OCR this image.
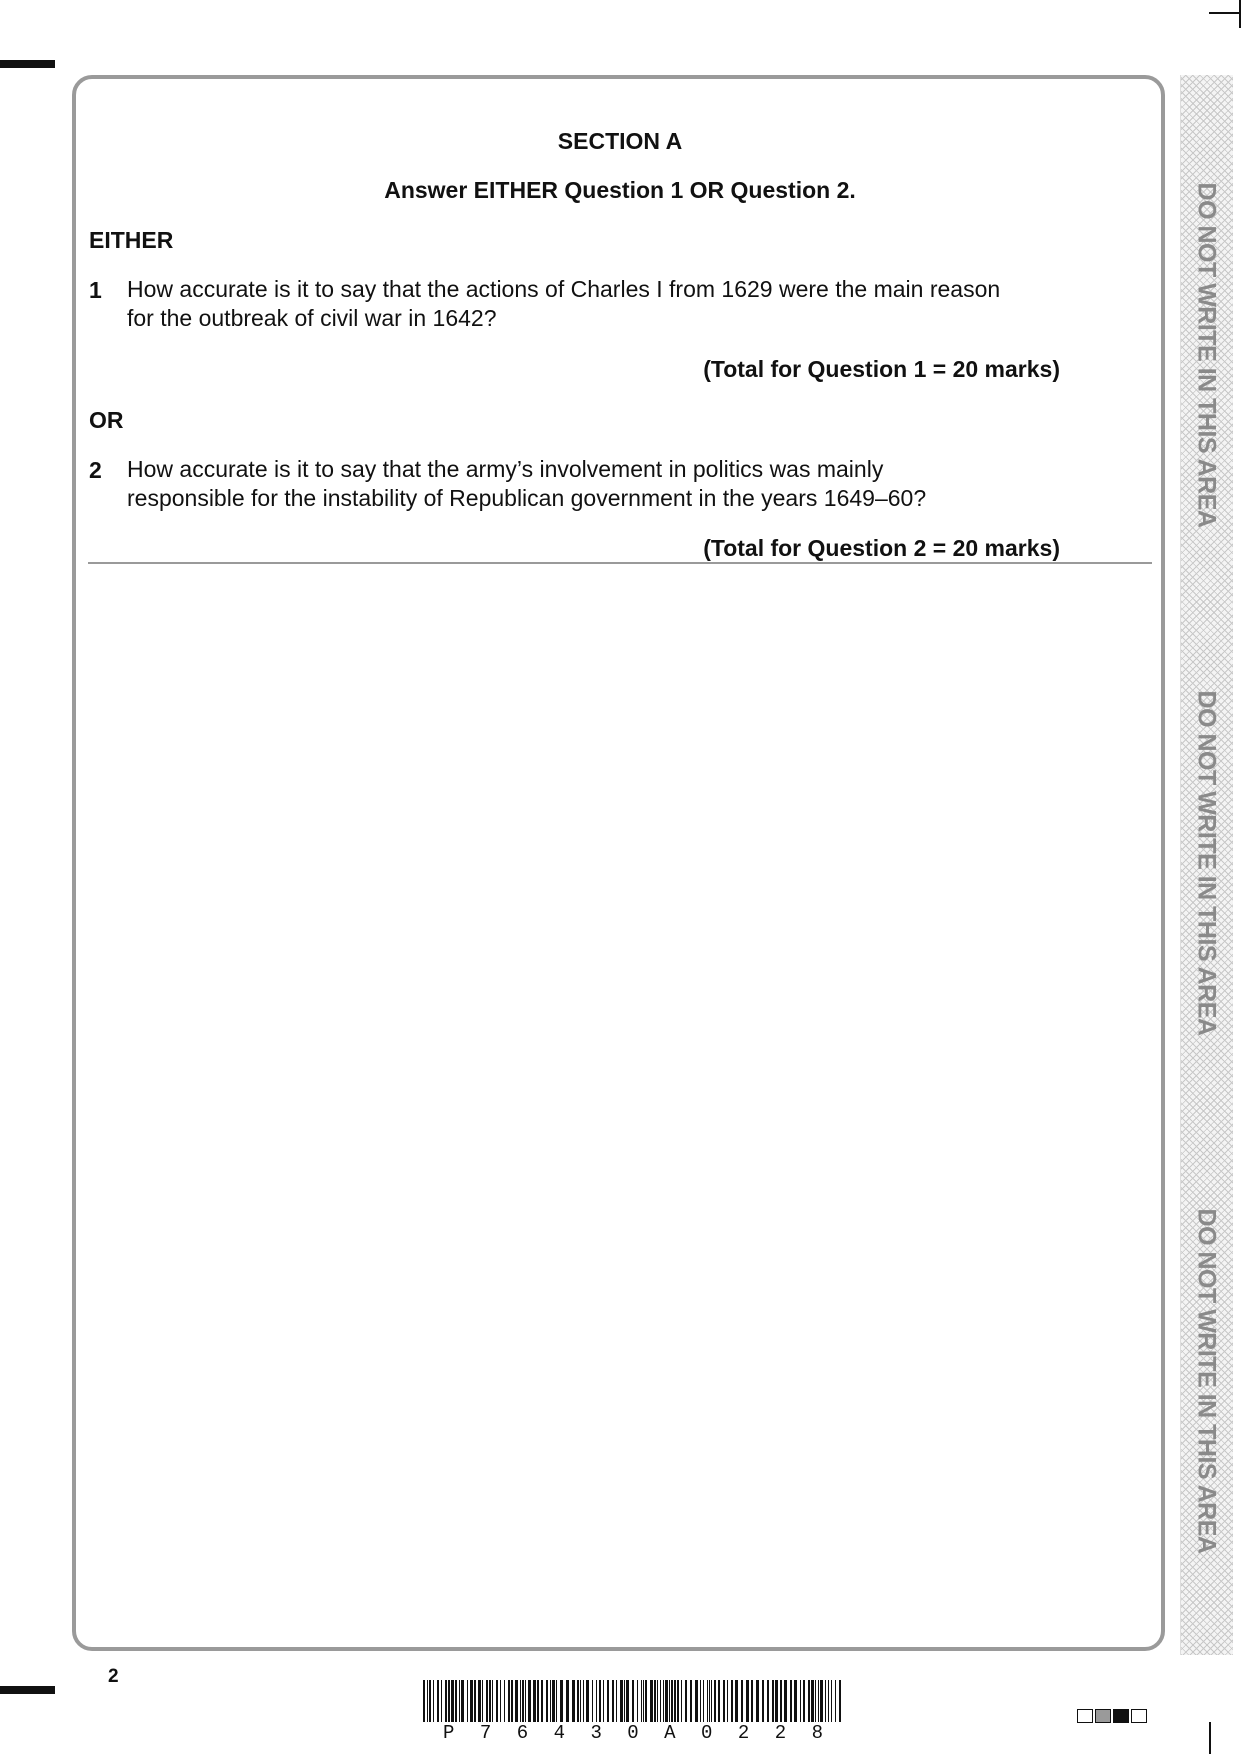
SECTION A
Answer EITHER Question 1 OR Question 2.
EITHER
1 How accurate is it to say that the actions of Charles I from 1629 were the main reason
for the outbreak of civil war in 1642?
(Total for Question 1 = 20 marks)
OR
2 How accurate is it to say that the army’s involvement in politics was mainly
responsible for the instability of Republican government in the years 1649–60?
(Total for Question 2 = 20 marks)
DO NOT WRITE IN THIS AREA
DO NOT WRITE IN THIS AREA
DO NOT WRITE IN THIS AREA
2
P 7 6 4 3 0 A 0 2 2 8
